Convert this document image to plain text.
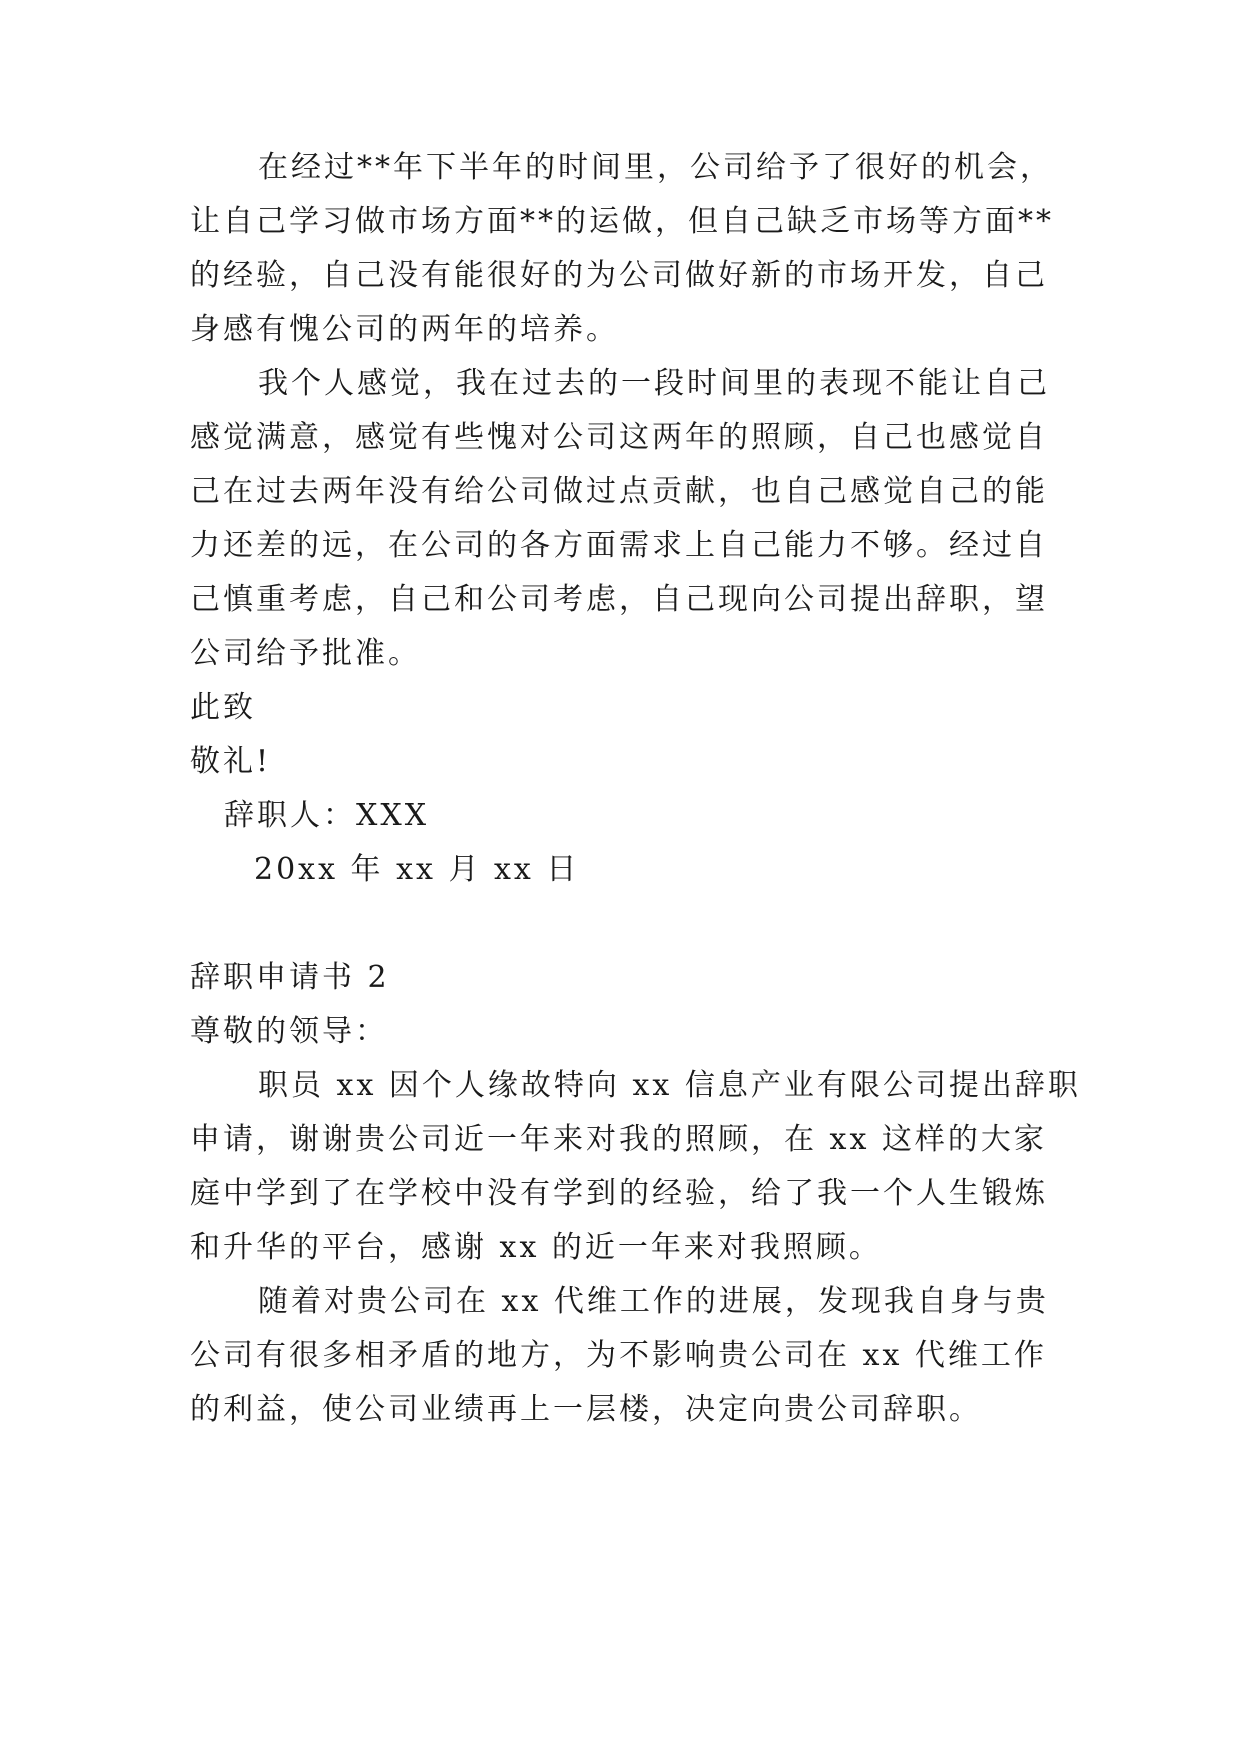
在经过**年下半年的时间里，公司给予了很好的机会，
让自己学习做市场方面**的运做，但自己缺乏市场等方面**
的经验，自己没有能很好的为公司做好新的市场开发，自己
身感有愧公司的两年的培养。
我个人感觉，我在过去的一段时间里的表现不能让自己
感觉满意，感觉有些愧对公司这两年的照顾，自己也感觉自
己在过去两年没有给公司做过点贡献，也自己感觉自己的能
力还差的远，在公司的各方面需求上自己能力不够。经过自
己慎重考虑，自己和公司考虑，自己现向公司提出辞职，望
公司给予批准。
此致
敬礼!
辞职人：XXX
20xx 年 xx 月 xx 日
辞职申请书 2
尊敬的领导：
职员 xx 因个人缘故特向 xx 信息产业有限公司提出辞职
申请，谢谢贵公司近一年来对我的照顾，在 xx 这样的大家
庭中学到了在学校中没有学到的经验，给了我一个人生锻炼
和升华的平台，感谢 xx 的近一年来对我照顾。
随着对贵公司在 xx 代维工作的进展，发现我自身与贵
公司有很多相矛盾的地方，为不影响贵公司在 xx 代维工作
的利益，使公司业绩再上一层楼，决定向贵公司辞职。
